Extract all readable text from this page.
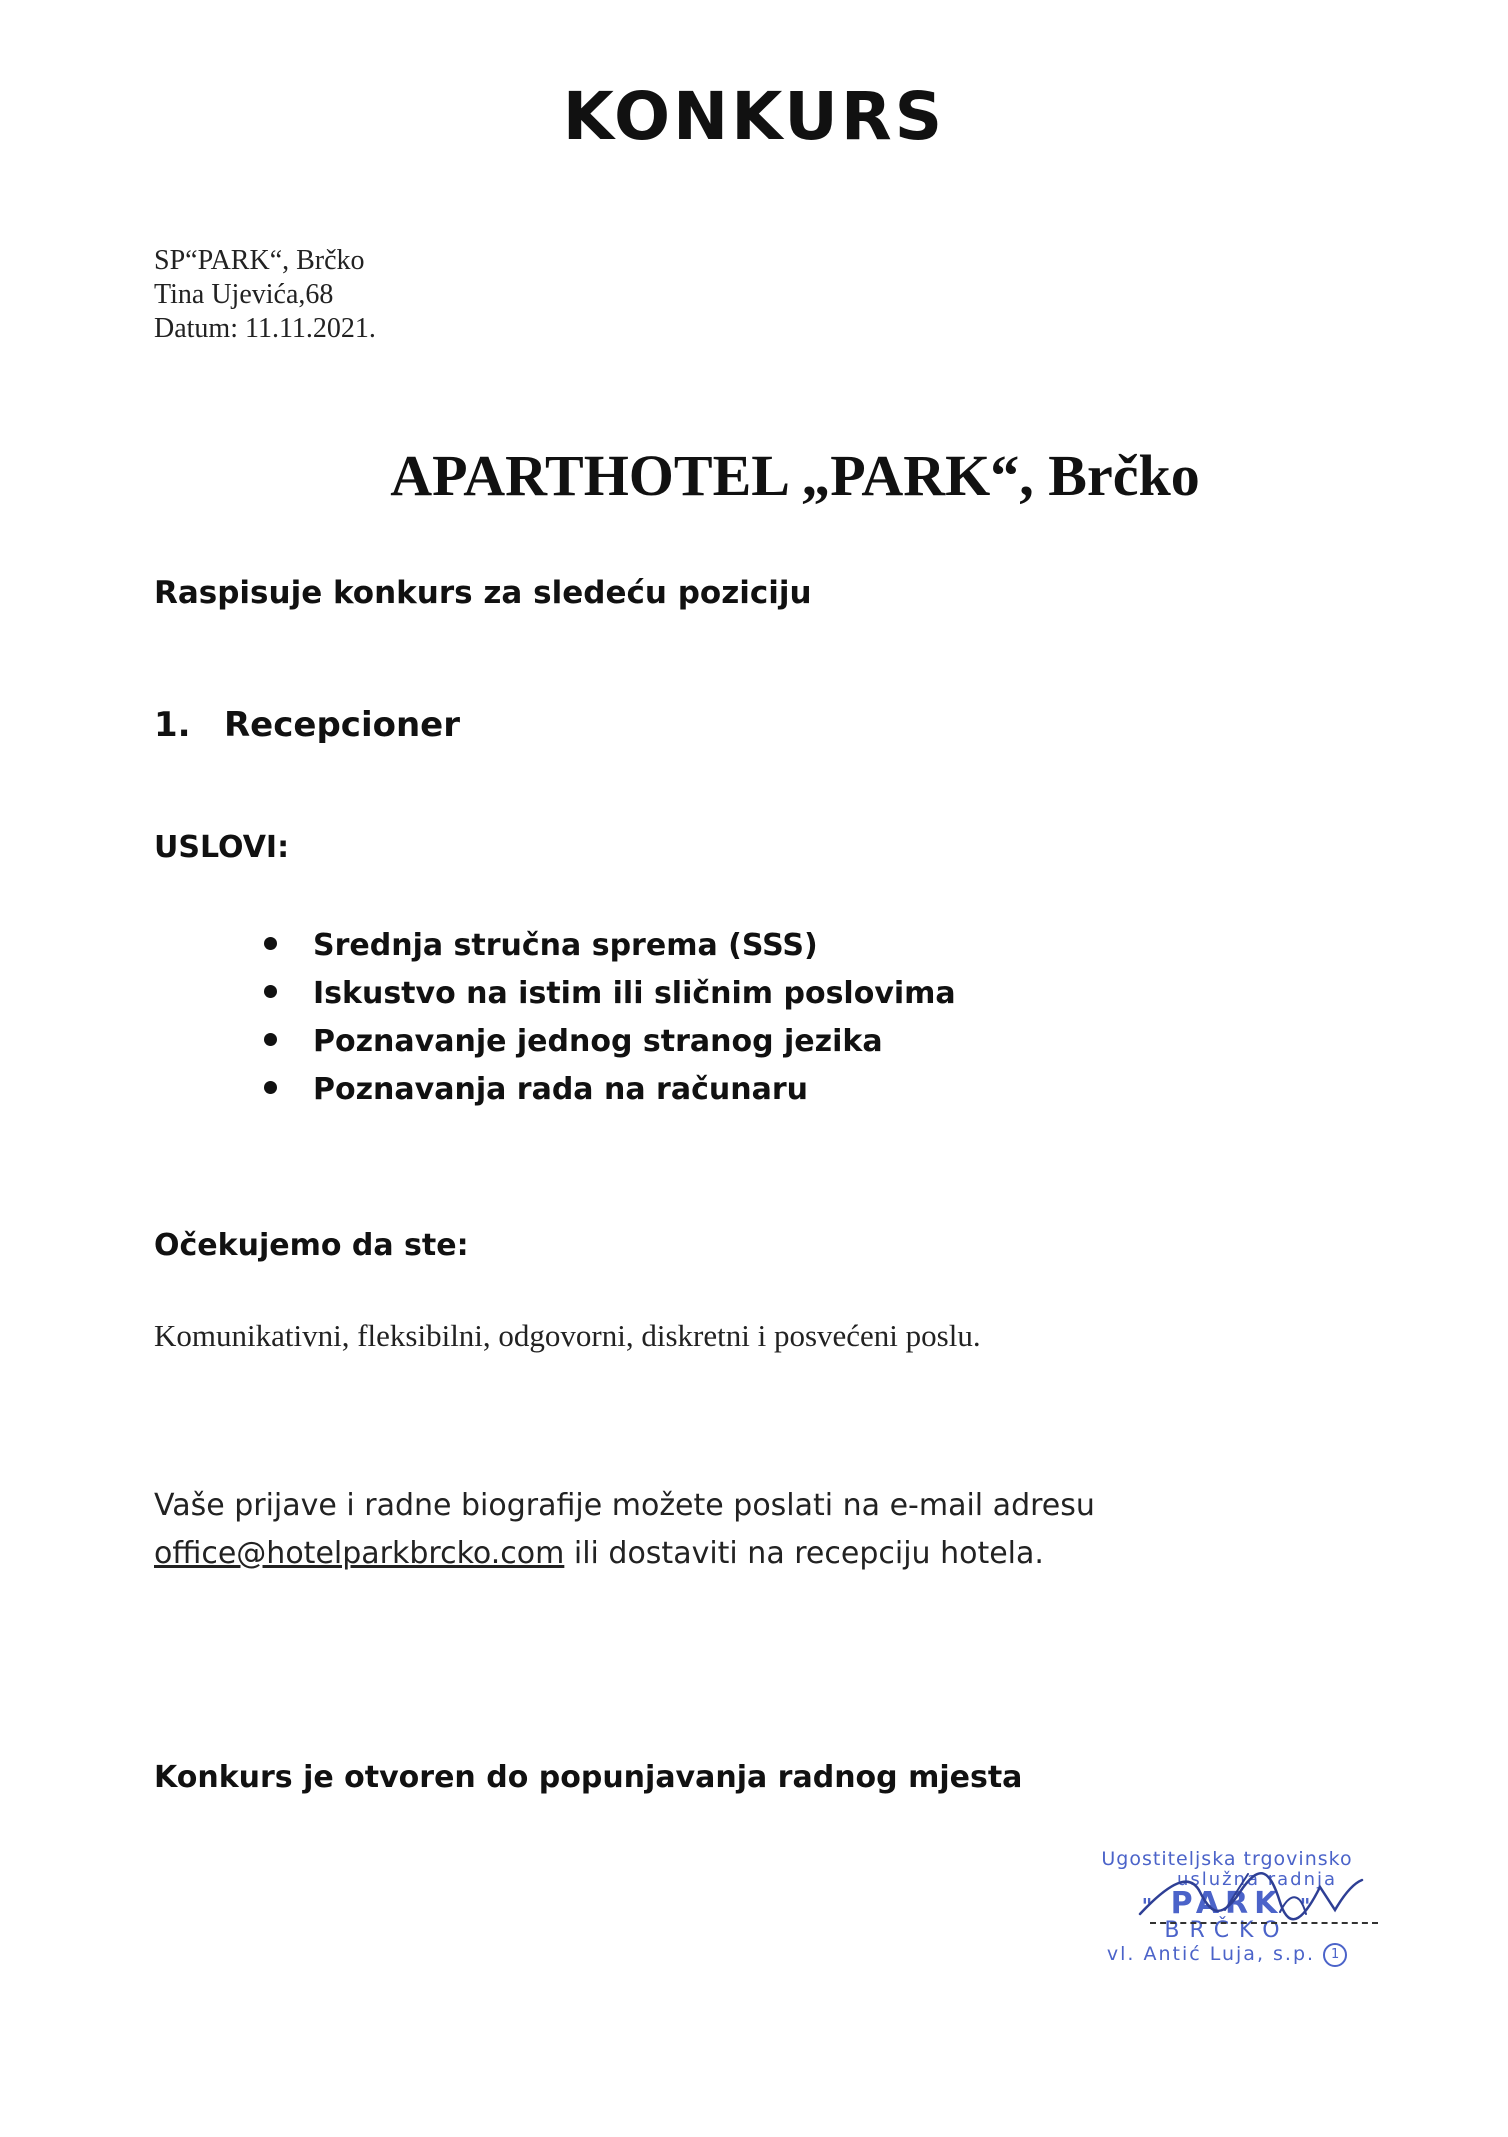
KONKURS
SP“PARK“, Brčko
Tina Ujevića,68
Datum: 11.11.2021.
APARTHOTEL „PARK“, Brčko
Raspisuje konkurs za sledeću poziciju
1. Recepcioner
USLOVI:
Srednja stručna sprema (SSS)
Iskustvo na istim ili sličnim poslovima
Poznavanje jednog stranog jezika
Poznavanja rada na računaru
Očekujemo da ste:
Komunikativni, fleksibilni, odgovorni, diskretni i posvećeni poslu.
Vaše prijave i radne biografije možete poslati na e-mail adresu
office@hotelparkbrcko.com ili dostaviti na recepciju hotela.
Konkurs je otvoren do popunjavanja radnog mjesta
Ugostiteljska trgovinsko
uslužna radnja
" PARK "
BRČKO
vl. Antić Luja, s.p. 1
